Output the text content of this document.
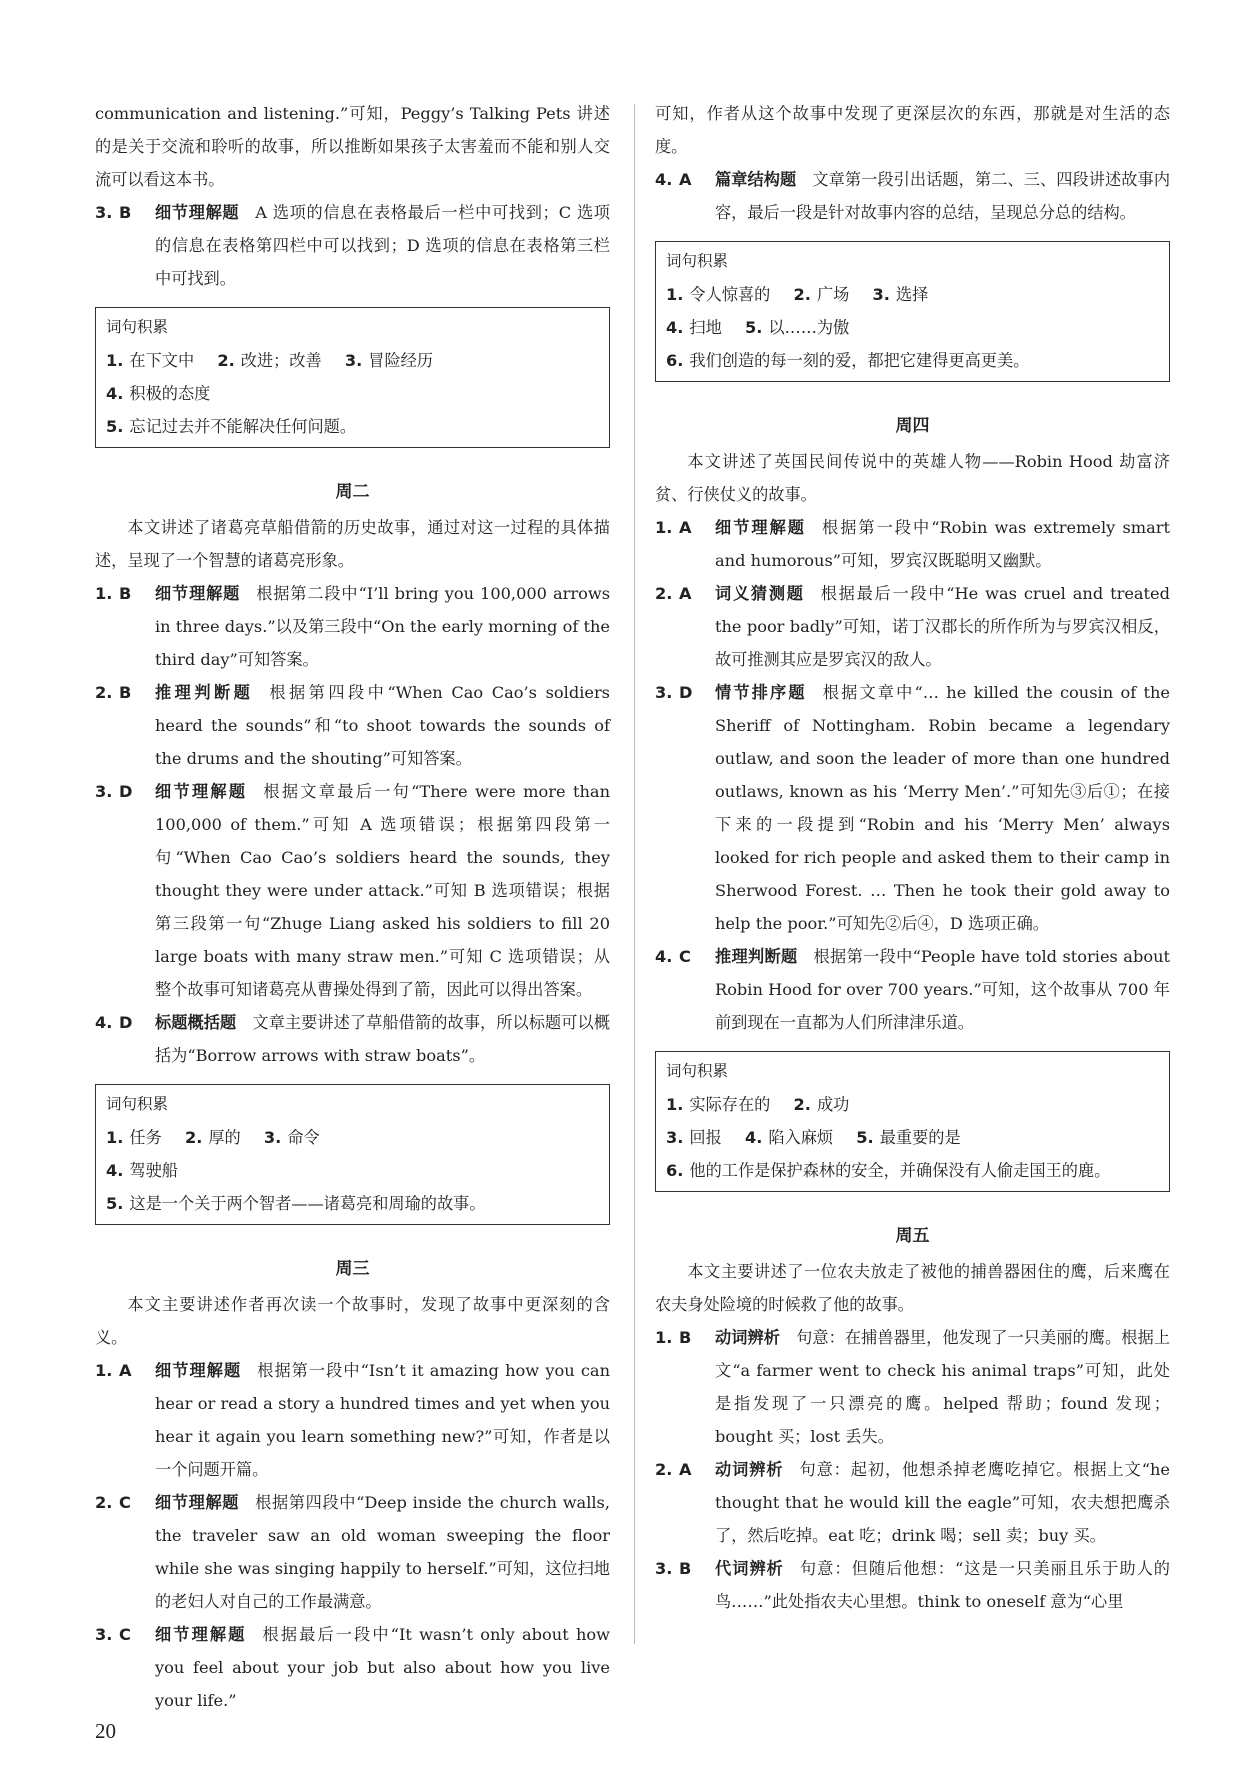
communication and listening.”可知，Peggy’s Talking Pets 讲述的是关于交流和聆听的故事，所以推断如果孩子太害羞而不能和别人交流可以看这本书。

3. B	细节理解题 A 选项的信息在表格最后一栏中可找到；C 选项的信息在表格第四栏中可以找到；D 选项的信息在表格第三栏中可找到。
词句积累

1. 在下文中 2. 改进；改善 3. 冒险经历

4. 积极的态度

5. 忘记过去并不能解决任何问题。

周二

本文讲述了诸葛亮草船借箭的历史故事，通过对这一过程的具体描述，呈现了一个智慧的诸葛亮形象。

1. B	细节理解题 根据第二段中“I’ll bring you 100,000 arrows in three days.”以及第三段中“On the early morning of the third day”可知答案。
2. B	推理判断题 根据第四段中“When Cao Cao’s soldiers heard the sounds”和“to shoot towards the sounds of the drums and the shouting”可知答案。
3. D	细节理解题 根据文章最后一句“There were more than 100,000 of them.”可知 A 选项错误；根据第四段第一句“When Cao Cao’s soldiers heard the sounds, they thought they were under attack.”可知 B 选项错误；根据第三段第一句“Zhuge Liang asked his soldiers to fill 20 large boats with many straw men.”可知 C 选项错误；从整个故事可知诸葛亮从曹操处得到了箭，因此可以得出答案。
4. D	标题概括题 文章主要讲述了草船借箭的故事，所以标题可以概括为“Borrow arrows with straw boats”。
词句积累

1. 任务 2. 厚的 3. 命令

4. 驾驶船

5. 这是一个关于两个智者——诸葛亮和周瑜的故事。

周三

本文主要讲述作者再次读一个故事时，发现了故事中更深刻的含义。

1. A	细节理解题 根据第一段中“Isn’t it amazing how you can hear or read a story a hundred times and yet when you hear it again you learn something new?”可知，作者是以一个问题开篇。
2. C	细节理解题 根据第四段中“Deep inside the church walls, the traveler saw an old woman sweeping the floor while she was singing happily to herself.”可知，这位扫地的老妇人对自己的工作最满意。
3. C	细节理解题 根据最后一段中“It wasn’t only about how you feel about your job but also about how you live your life.”

可知，作者从这个故事中发现了更深层次的东西，那就是对生活的态度。

4. A	篇章结构题 文章第一段引出话题，第二、三、四段讲述故事内容，最后一段是针对故事内容的总结，呈现总分总的结构。
词句积累

1. 令人惊喜的 2. 广场 3. 选择

4. 扫地 5. 以……为傲

6. 我们创造的每一刻的爱，都把它建得更高更美。

周四

本文讲述了英国民间传说中的英雄人物——Robin Hood 劫富济贫、行侠仗义的故事。

1. A	细节理解题 根据第一段中“Robin was extremely smart and humorous”可知，罗宾汉既聪明又幽默。
2. A	词义猜测题 根据最后一段中“He was cruel and treated the poor badly”可知，诺丁汉郡长的所作所为与罗宾汉相反，故可推测其应是罗宾汉的敌人。
3. D	情节排序题 根据文章中“… he killed the cousin of the Sheriff of Nottingham. Robin became a legendary outlaw, and soon the leader of more than one hundred outlaws, known as his ‘Merry Men’.”可知先③后①；在接下来的一段提到“Robin and his ‘Merry Men’ always looked for rich people and asked them to their camp in Sherwood Forest. … Then he took their gold away to help the poor.”可知先②后④，D 选项正确。
4. C	推理判断题 根据第一段中“People have told stories about Robin Hood for over 700 years.”可知，这个故事从 700 年前到现在一直都为人们所津津乐道。
词句积累

1. 实际存在的 2. 成功

3. 回报 4. 陷入麻烦 5. 最重要的是

6. 他的工作是保护森林的安全，并确保没有人偷走国王的鹿。

周五

本文主要讲述了一位农夫放走了被他的捕兽器困住的鹰，后来鹰在农夫身处险境的时候救了他的故事。

1. B	动词辨析 句意：在捕兽器里，他发现了一只美丽的鹰。根据上文“a farmer went to check his animal traps”可知，此处是指发现了一只漂亮的鹰。helped 帮助；found 发现；bought 买；lost 丢失。
2. A	动词辨析 句意：起初，他想杀掉老鹰吃掉它。根据上文“he thought that he would kill the eagle”可知，农夫想把鹰杀了，然后吃掉。eat 吃；drink 喝；sell 卖；buy 买。
3. B	代词辨析 句意：但随后他想：“这是一只美丽且乐于助人的鸟……”此处指农夫心里想。think to oneself 意为“心里
20
